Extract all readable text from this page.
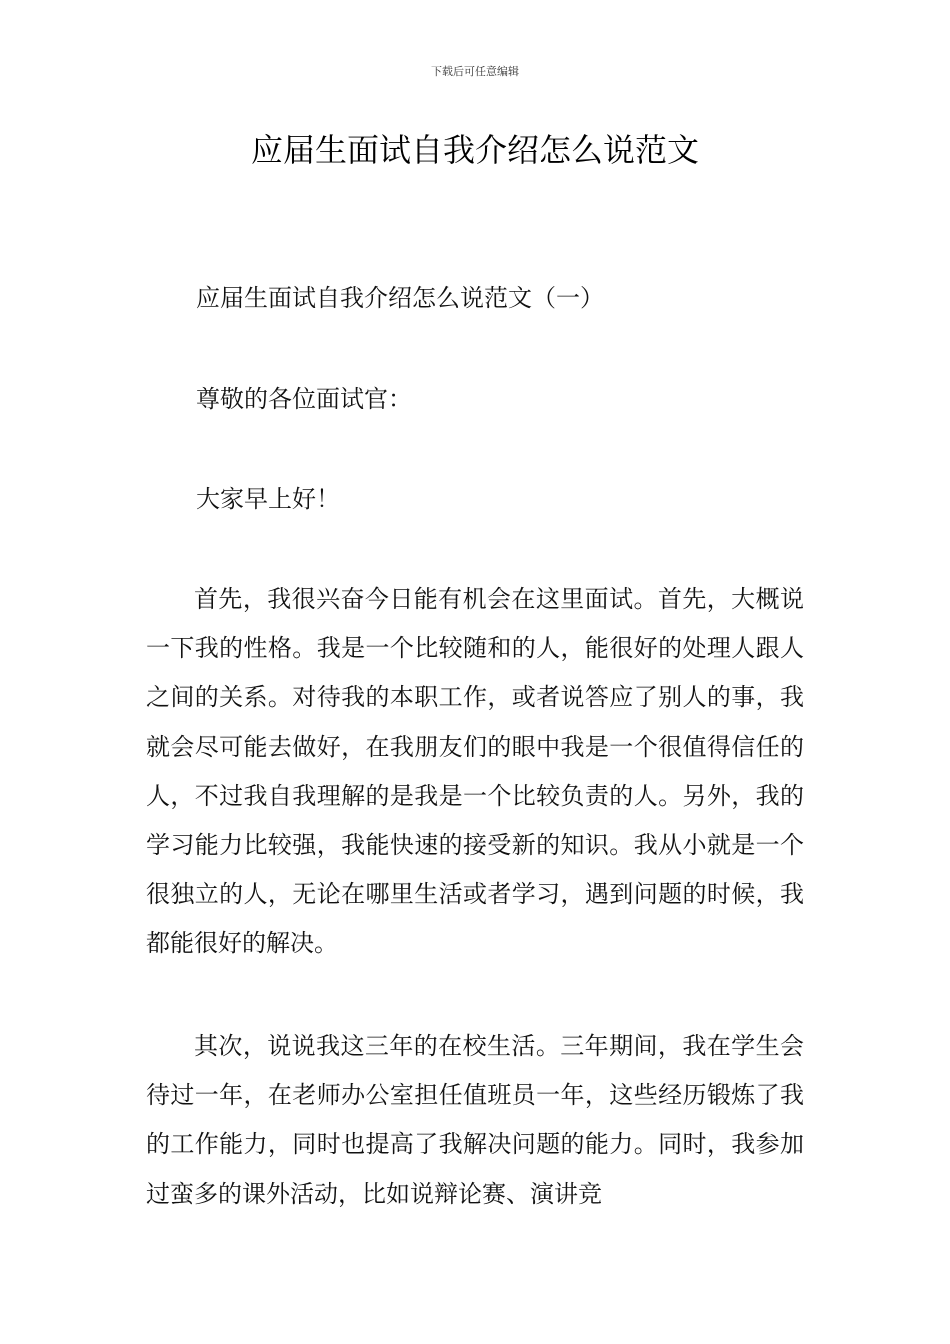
下载后可任意编辑
应届生面试自我介绍怎么说范文

应届生面试自我介绍怎么说范文（一）

尊敬的各位面试官：

大家早上好！

首先，我很兴奋今日能有机会在这里面试。首先，大概说一下我的性格。我是一个比较随和的人，能很好的处理人跟人之间的关系。对待我的本职工作，或者说答应了别人的事，我就会尽可能去做好，在我朋友们的眼中我是一个很值得信任的人，不过我自我理解的是我是一个比较负责的人。另外，我的学习能力比较强，我能快速的接受新的知识。我从小就是一个很独立的人，无论在哪里生活或者学习，遇到问题的时候，我都能很好的解决。

其次，说说我这三年的在校生活。三年期间，我在学生会待过一年，在老师办公室担任值班员一年，这些经历锻炼了我的工作能力，同时也提高了我解决问题的能力。同时，我参加过蛮多的课外活动，比如说辩论赛、演讲竞
